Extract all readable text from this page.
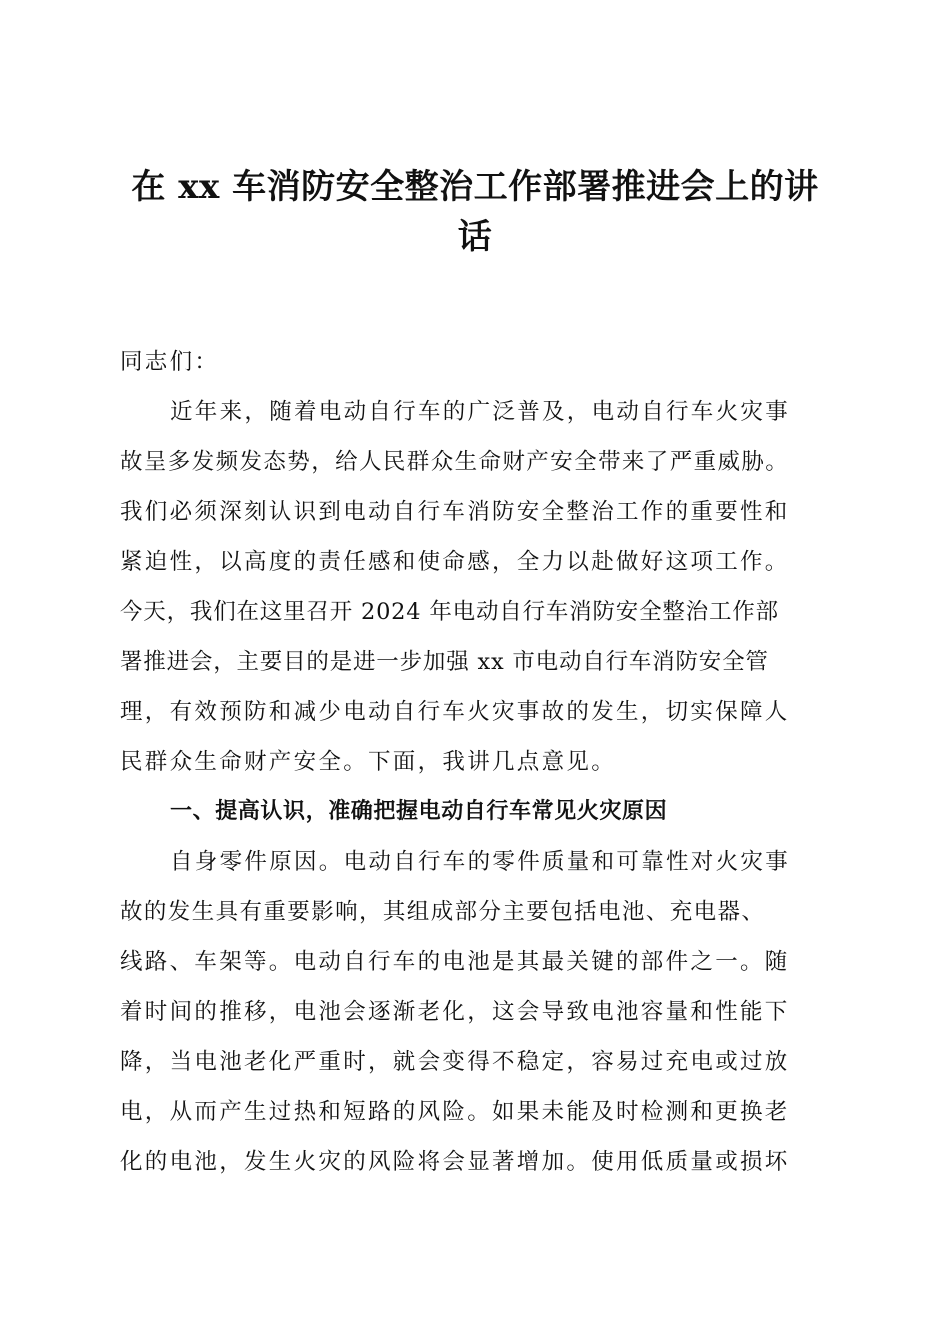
在 xx 车消防安全整治工作部署推进会上的讲
话
同志们：
近年来，随着电动自行车的广泛普及，电动自行车火灾事
故呈多发频发态势，给人民群众生命财产安全带来了严重威胁。
我们必须深刻认识到电动自行车消防安全整治工作的重要性和
紧迫性，以高度的责任感和使命感，全力以赴做好这项工作。
今天，我们在这里召开 2024 年电动自行车消防安全整治工作部
署推进会，主要目的是进一步加强 xx 市电动自行车消防安全管
理，有效预防和减少电动自行车火灾事故的发生，切实保障人
民群众生命财产安全。下面，我讲几点意见。
一、提高认识，准确把握电动自行车常见火灾原因
自身零件原因。电动自行车的零件质量和可靠性对火灾事
故的发生具有重要影响，其组成部分主要包括电池、充电器、
线路、车架等。电动自行车的电池是其最关键的部件之一。随
着时间的推移，电池会逐渐老化，这会导致电池容量和性能下
降，当电池老化严重时，就会变得不稳定，容易过充电或过放
电，从而产生过热和短路的风险。如果未能及时检测和更换老
化的电池，发生火灾的风险将会显著增加。使用低质量或损坏
